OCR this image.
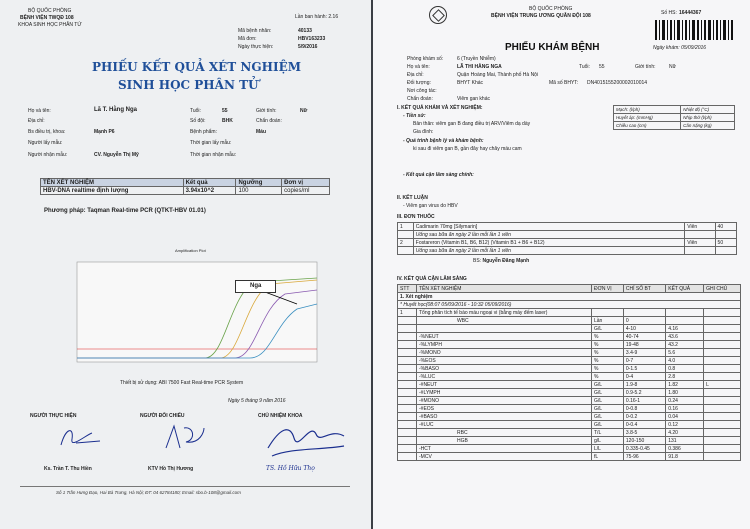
BỘ QUỐC PHÒNG
BỆNH VIỆN TWQĐ 108
KHOA SINH HỌC PHÂN TỬ
Lần ban hành: 2.16
Mã bệnh nhân:	40133
Mã đơn:	HBV163233
Ngày thực hiện:	5/9/2016
PHIẾU KẾT QUẢ XÉT NGHIỆM
SINH HỌC PHÂN TỬ
Họ và tên:	Lã T. Hằng Nga	Tuổi:	55	Giới tính:	Nữ
Địa chỉ:	Số đội:	BHK	Chẩn đoán:
Bs điều trị, khoa:	Mạnh P6	Bệnh phẩm:	Máu
Người lấy mẫu:	Thời gian lấy mẫu:
Người nhận mẫu:	CV. Nguyễn Thị Mỹ	Thời gian nhận mẫu:
TÊN XÉT NGHIỆM	Kết quả	Ngưỡng	Đơn vị
HBV-DNA realtime định lượng	3.94x10^2	100	copies/ml
Phương pháp: Taqman Real-time PCR (QTKT-HBV 01.01)
Amplification Plot
Nga
Thiết bị sử dụng: ABI 7500 Fast Real-time PCR System
Ngày 5 tháng 9 năm 2016
NGƯỜI THỰC HIỆN	NGƯỜI ĐỐI CHIẾU	CHỦ NHIỆM KHOA
Ks. Trần T. Thu Hiền	KTV Hồ Thị Hương	TS. Hồ Hữu Thọ
Số 1 Trần Hưng Đạo, Hai Bà Trưng, Hà Nội; ĐT: 04 62784180; Email: sbo.b-108@gmail.com
BỘ QUỐC PHÒNG
BỆNH VIỆN TRUNG ƯƠNG QUÂN ĐỘI 108	Số HS: 16444367
PHIẾU KHÁM BỆNH	Ngày khám: 05/09/2016
Phòng khám số:	6 (Truyền Nhiễm)
Họ và tên:	LÃ THI HẰNG NGA	Tuổi: 55	Giới tính:	Nữ
Địa chỉ:	Quận Hoàng Mai, Thành phố Hà Nội
Đối tượng:	BHYT Khác	Mã số BHYT: DN4015155200002010014
Nơi công tác:
Chẩn đoán:	Viêm gan khác
I. KẾT QUẢ KHÁM VÀ XÉT NGHIỆM:
- Tiền sử:
Bản thân: viêm gan B đang điều trị ARV/Viêm dạ dày
Gia đình:
- Quá trình bệnh lý và khám bệnh:
ki sau đi viêm gan B, gần đây hay chây máu cam
Mạch: (l/ph)	Nhiệt độ (°C)
Huyết áp: (mmHg)	Nhịp thở (l/ph)
Chiều cao (cm)	Cân nặng (kg)
- Kết quả cận lâm sàng chính:
II. KẾT LUẬN
- Viêm gan virus do HBV
III. ĐƠN THUỐC
1	Cadimarin 70mg [Silymarin]	Viên	40
	Uống sau bữa ăn ngày 2 lần mỗi lần 1 viên		
2	Fostareron (Vitamin B1, B6, B12) (Vitamin B1 + B6 + B12)	Viên	50
	Uống sau bữa ăn ngày 2 lần mỗi lần 1 viên		
BS: Nguyễn Đăng Mạnh
IV. KẾT QUẢ CẬN LÂM SÀNG
STT	TÊN XÉT NGHIỆM	ĐƠN VỊ	CHỈ SỐ BT	KẾT QUẢ	GHI CHÚ
1. Xét nghiệm					
* Huyết học(08:07 05/09/2016 - 10:32 05/09/2016)					
1	Tổng phân tích tế bào máu ngoại vi (bằng máy đếm laser)				
	WBC	Lần	0		
		G/L	4-10	4.16	
	-%NEUT	%	40-74	43.6	
	-%LYMPH	%	19-48	43.2	
	-%MONO	%	3.4-9	5.6	
	-%EOS	%	0-7	4.0	
	-%BASO	%	0-1.5	0.8	
	-%LUC	%	0-4	2.8	
	-#NEUT	G/L	1.9-8	1.82	L
	-#LYMPH	G/L	0.9-5.2	1.80	
	-#MONO	G/L	0.16-1	0.24	
	-#EOS	G/L	0-0.8	0.16	
	-#BASO	G/L	0-0.2	0.04	
	-#LUC	G/L	0-0.4	0.12	
	RBC	T/L	3.8-5	4.20	
	HGB	g/L	120-150	131	
	-HCT	L/L	0.335-0.45	0.386	
	-MCV	fL	75-96	91.8	
